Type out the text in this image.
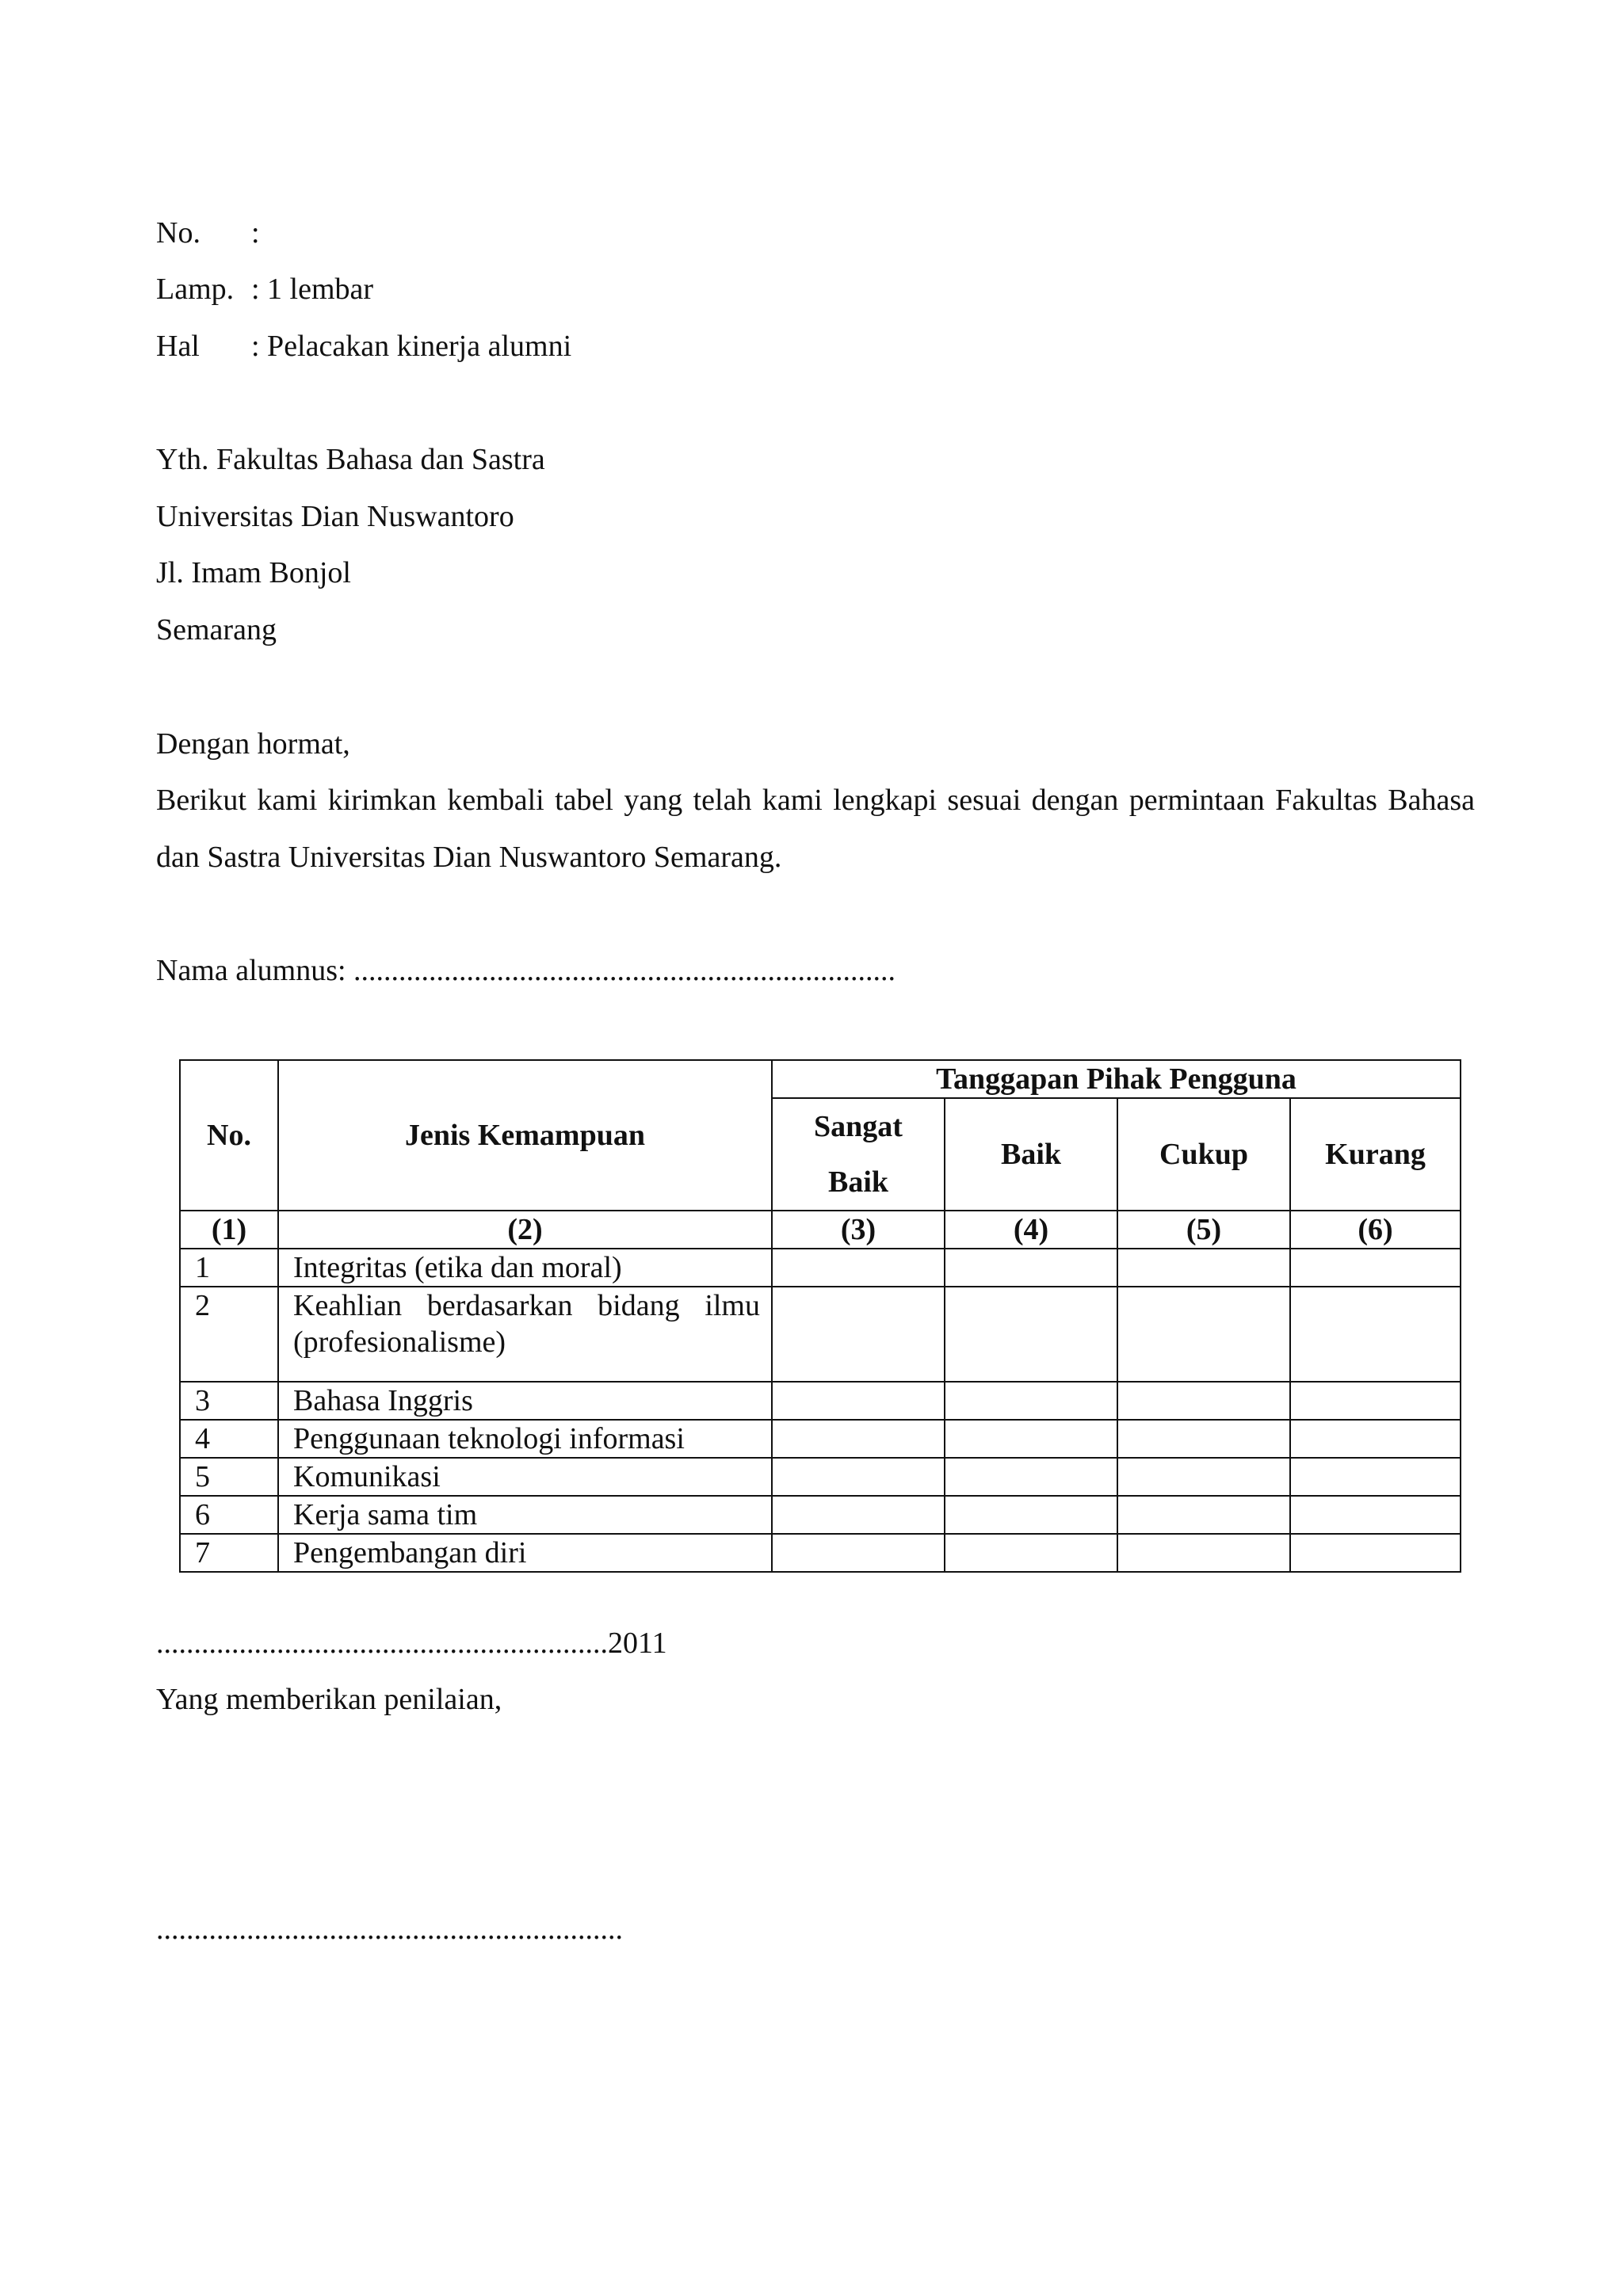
No. :
Lamp. : 1 lembar
Hal : Pelacakan kinerja alumni
Yth. Fakultas Bahasa dan Sastra
Universitas Dian Nuswantoro
Jl. Imam Bonjol
Semarang
Dengan hormat,
Berikut kami kirimkan kembali tabel yang telah kami lengkapi sesuai dengan permintaan Fakultas Bahasa dan Sastra Universitas Dian Nuswantoro Semarang.
Nama alumnus: ........................................................................
No.	Jenis Kemampuan	Tanggapan Pihak Pengguna			
		Sangat Baik	Baik	Cukup	Kurang
(1)	(2)	(3)	(4)	(5)	(6)
1	Integritas (etika dan moral)				
2	Keahlian berdasarkan bidang ilmu (profesionalisme)				
3	Bahasa Inggris				
4	Penggunaan teknologi informasi				
5	Komunikasi				
6	Kerja sama tim				
7	Pengembangan diri				
............................................................2011
Yang memberikan penilaian,
..............................................................
